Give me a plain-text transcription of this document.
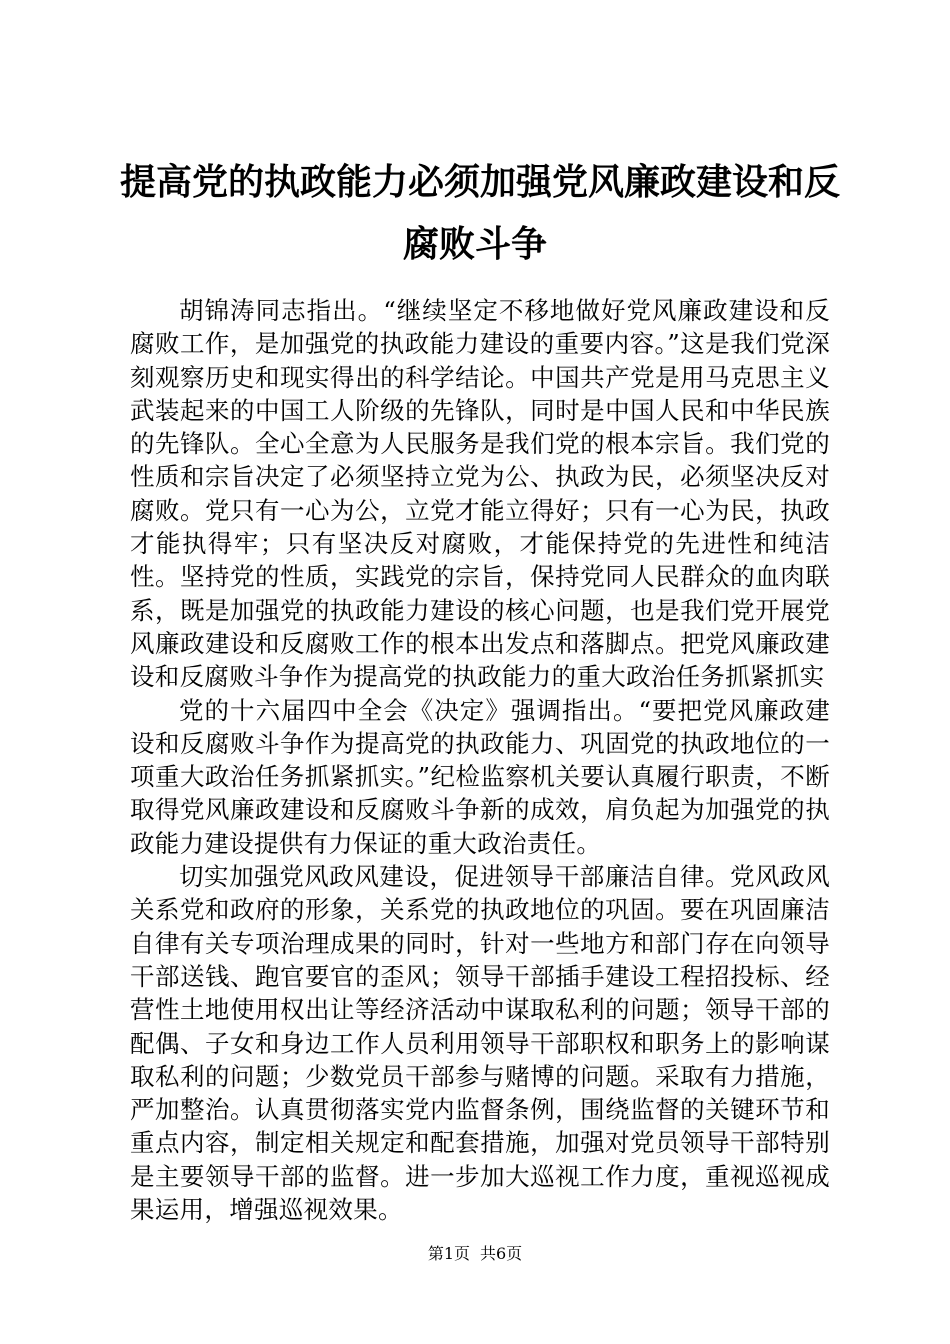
提高党的执政能力必须加强党风廉政建设和反
腐败斗争

胡锦涛同志指出。“继续坚定不移地做好党风廉政建设和反腐败工作，是加强党的执政能力建设的重要内容。”这是我们党深刻观察历史和现实得出的科学结论。中国共产党是用马克思主义武装起来的中国工人阶级的先锋队，同时是中国人民和中华民族的先锋队。全心全意为人民服务是我们党的根本宗旨。我们党的性质和宗旨决定了必须坚持立党为公、执政为民，必须坚决反对腐败。党只有一心为公，立党才能立得好；只有一心为民，执政才能执得牢；只有坚决反对腐败，才能保持党的先进性和纯洁性。坚持党的性质，实践党的宗旨，保持党同人民群众的血肉联系，既是加强党的执政能力建设的核心问题，也是我们党开展党风廉政建设和反腐败工作的根本出发点和落脚点。把党风廉政建设和反腐败斗争作为提高党的执政能力的重大政治任务抓紧抓实

党的十六届四中全会《决定》强调指出。“要把党风廉政建设和反腐败斗争作为提高党的执政能力、巩固党的执政地位的一项重大政治任务抓紧抓实。”纪检监察机关要认真履行职责，不断取得党风廉政建设和反腐败斗争新的成效，肩负起为加强党的执政能力建设提供有力保证的重大政治责任。

切实加强党风政风建设，促进领导干部廉洁自律。党风政风关系党和政府的形象，关系党的执政地位的巩固。要在巩固廉洁自律有关专项治理成果的同时，针对一些地方和部门存在向领导干部送钱、跑官要官的歪风；领导干部插手建设工程招投标、经营性土地使用权出让等经济活动中谋取私利的问题；领导干部的配偶、子女和身边工作人员利用领导干部职权和职务上的影响谋取私利的问题；少数党员干部参与赌博的问题。采取有力措施，严加整治。认真贯彻落实党内监督条例，围绕监督的关键环节和重点内容，制定相关规定和配套措施，加强对党员领导干部特别是主要领导干部的监督。进一步加大巡视工作力度，重视巡视成果运用，增强巡视效果。

第1页 共6页
